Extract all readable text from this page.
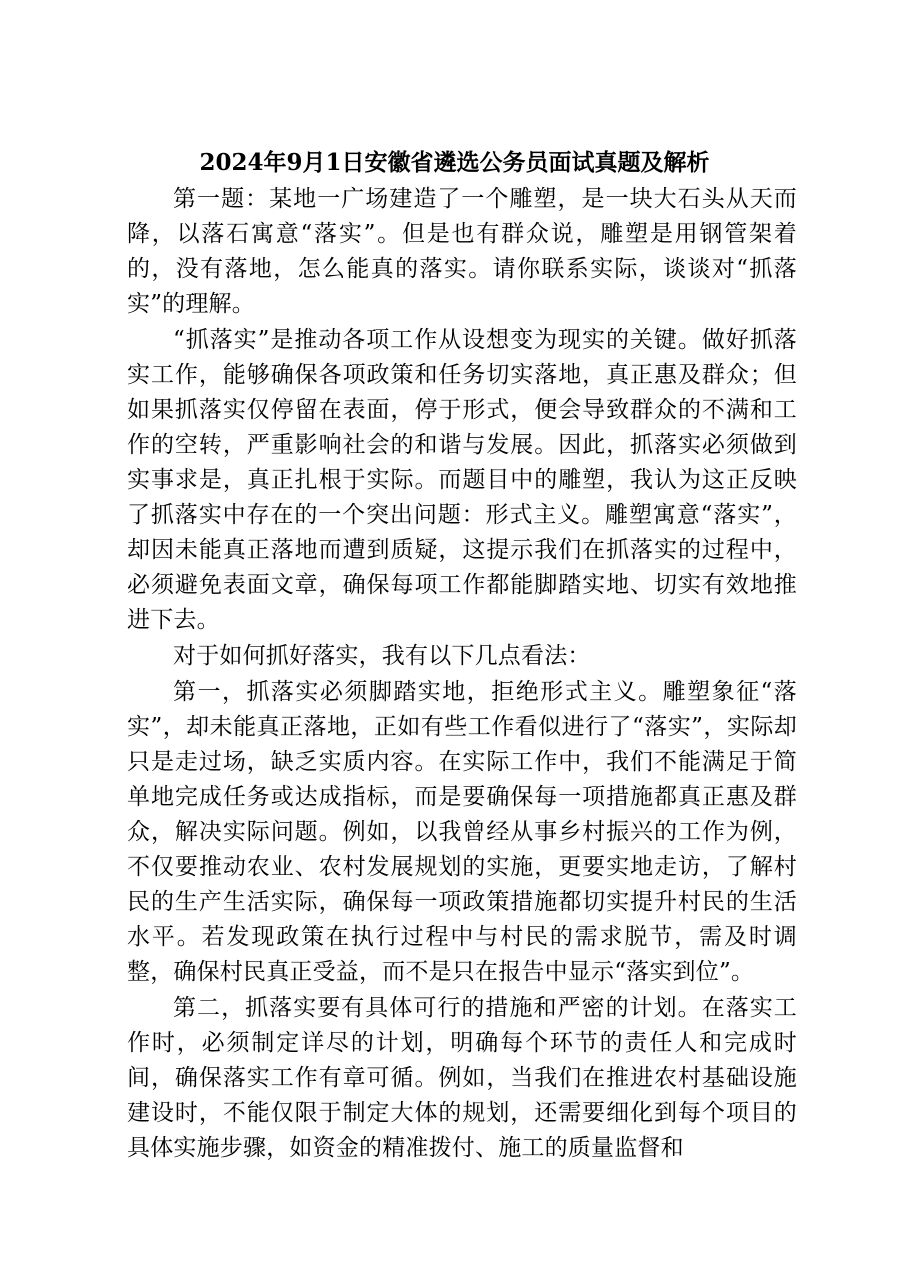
2024年9月1日安徽省遴选公务员面试真题及解析

第一题：某地一广场建造了一个雕塑，是一块大石头从天而降，以落石寓意“落实”。但是也有群众说，雕塑是用钢管架着的，没有落地，怎么能真的落实。请你联系实际，谈谈对“抓落实”的理解。

“抓落实”是推动各项工作从设想变为现实的关键。做好抓落实工作，能够确保各项政策和任务切实落地，真正惠及群众；但如果抓落实仅停留在表面，停于形式，便会导致群众的不满和工作的空转，严重影响社会的和谐与发展。因此，抓落实必须做到实事求是，真正扎根于实际。而题目中的雕塑，我认为这正反映了抓落实中存在的一个突出问题：形式主义。雕塑寓意“落实”，却因未能真正落地而遭到质疑，这提示我们在抓落实的过程中，必须避免表面文章，确保每项工作都能脚踏实地、切实有效地推进下去。

对于如何抓好落实，我有以下几点看法：

第一，抓落实必须脚踏实地，拒绝形式主义。雕塑象征“落实”，却未能真正落地，正如有些工作看似进行了“落实”，实际却只是走过场，缺乏实质内容。在实际工作中，我们不能满足于简单地完成任务或达成指标，而是要确保每一项措施都真正惠及群众，解决实际问题。例如，以我曾经从事乡村振兴的工作为例，不仅要推动农业、农村发展规划的实施，更要实地走访，了解村民的生产生活实际，确保每一项政策措施都切实提升村民的生活水平。若发现政策在执行过程中与村民的需求脱节，需及时调整，确保村民真正受益，而不是只在报告中显示“落实到位”。

第二，抓落实要有具体可行的措施和严密的计划。在落实工作时，必须制定详尽的计划，明确每个环节的责任人和完成时间，确保落实工作有章可循。例如，当我们在推进农村基础设施建设时，不能仅限于制定大体的规划，还需要细化到每个项目的具体实施步骤，如资金的精准拨付、施工的质量监督和
